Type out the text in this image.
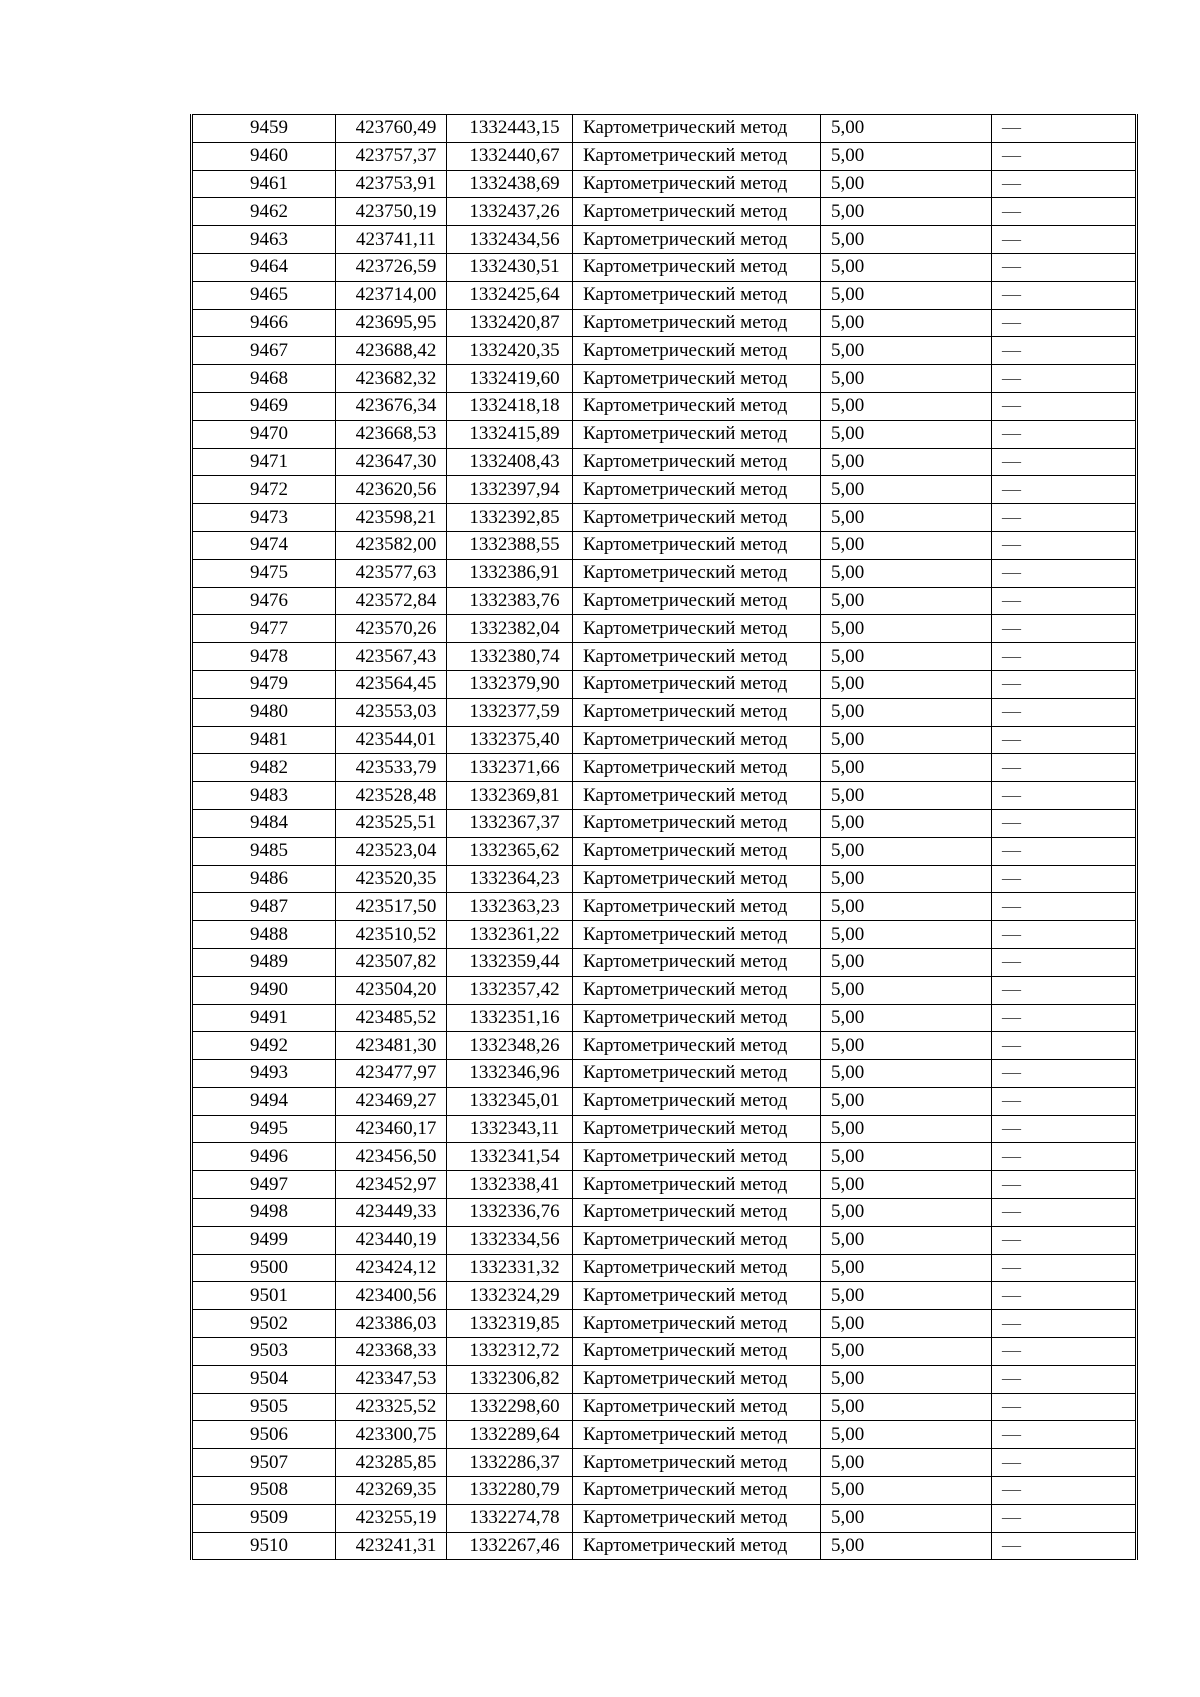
9459	423760,49	1332443,15	Картометрический метод	5,00	—
9460	423757,37	1332440,67	Картометрический метод	5,00	—
9461	423753,91	1332438,69	Картометрический метод	5,00	—
9462	423750,19	1332437,26	Картометрический метод	5,00	—
9463	423741,11	1332434,56	Картометрический метод	5,00	—
9464	423726,59	1332430,51	Картометрический метод	5,00	—
9465	423714,00	1332425,64	Картометрический метод	5,00	—
9466	423695,95	1332420,87	Картометрический метод	5,00	—
9467	423688,42	1332420,35	Картометрический метод	5,00	—
9468	423682,32	1332419,60	Картометрический метод	5,00	—
9469	423676,34	1332418,18	Картометрический метод	5,00	—
9470	423668,53	1332415,89	Картометрический метод	5,00	—
9471	423647,30	1332408,43	Картометрический метод	5,00	—
9472	423620,56	1332397,94	Картометрический метод	5,00	—
9473	423598,21	1332392,85	Картометрический метод	5,00	—
9474	423582,00	1332388,55	Картометрический метод	5,00	—
9475	423577,63	1332386,91	Картометрический метод	5,00	—
9476	423572,84	1332383,76	Картометрический метод	5,00	—
9477	423570,26	1332382,04	Картометрический метод	5,00	—
9478	423567,43	1332380,74	Картометрический метод	5,00	—
9479	423564,45	1332379,90	Картометрический метод	5,00	—
9480	423553,03	1332377,59	Картометрический метод	5,00	—
9481	423544,01	1332375,40	Картометрический метод	5,00	—
9482	423533,79	1332371,66	Картометрический метод	5,00	—
9483	423528,48	1332369,81	Картометрический метод	5,00	—
9484	423525,51	1332367,37	Картометрический метод	5,00	—
9485	423523,04	1332365,62	Картометрический метод	5,00	—
9486	423520,35	1332364,23	Картометрический метод	5,00	—
9487	423517,50	1332363,23	Картометрический метод	5,00	—
9488	423510,52	1332361,22	Картометрический метод	5,00	—
9489	423507,82	1332359,44	Картометрический метод	5,00	—
9490	423504,20	1332357,42	Картометрический метод	5,00	—
9491	423485,52	1332351,16	Картометрический метод	5,00	—
9492	423481,30	1332348,26	Картометрический метод	5,00	—
9493	423477,97	1332346,96	Картометрический метод	5,00	—
9494	423469,27	1332345,01	Картометрический метод	5,00	—
9495	423460,17	1332343,11	Картометрический метод	5,00	—
9496	423456,50	1332341,54	Картометрический метод	5,00	—
9497	423452,97	1332338,41	Картометрический метод	5,00	—
9498	423449,33	1332336,76	Картометрический метод	5,00	—
9499	423440,19	1332334,56	Картометрический метод	5,00	—
9500	423424,12	1332331,32	Картометрический метод	5,00	—
9501	423400,56	1332324,29	Картометрический метод	5,00	—
9502	423386,03	1332319,85	Картометрический метод	5,00	—
9503	423368,33	1332312,72	Картометрический метод	5,00	—
9504	423347,53	1332306,82	Картометрический метод	5,00	—
9505	423325,52	1332298,60	Картометрический метод	5,00	—
9506	423300,75	1332289,64	Картометрический метод	5,00	—
9507	423285,85	1332286,37	Картометрический метод	5,00	—
9508	423269,35	1332280,79	Картометрический метод	5,00	—
9509	423255,19	1332274,78	Картометрический метод	5,00	—
9510	423241,31	1332267,46	Картометрический метод	5,00	—
